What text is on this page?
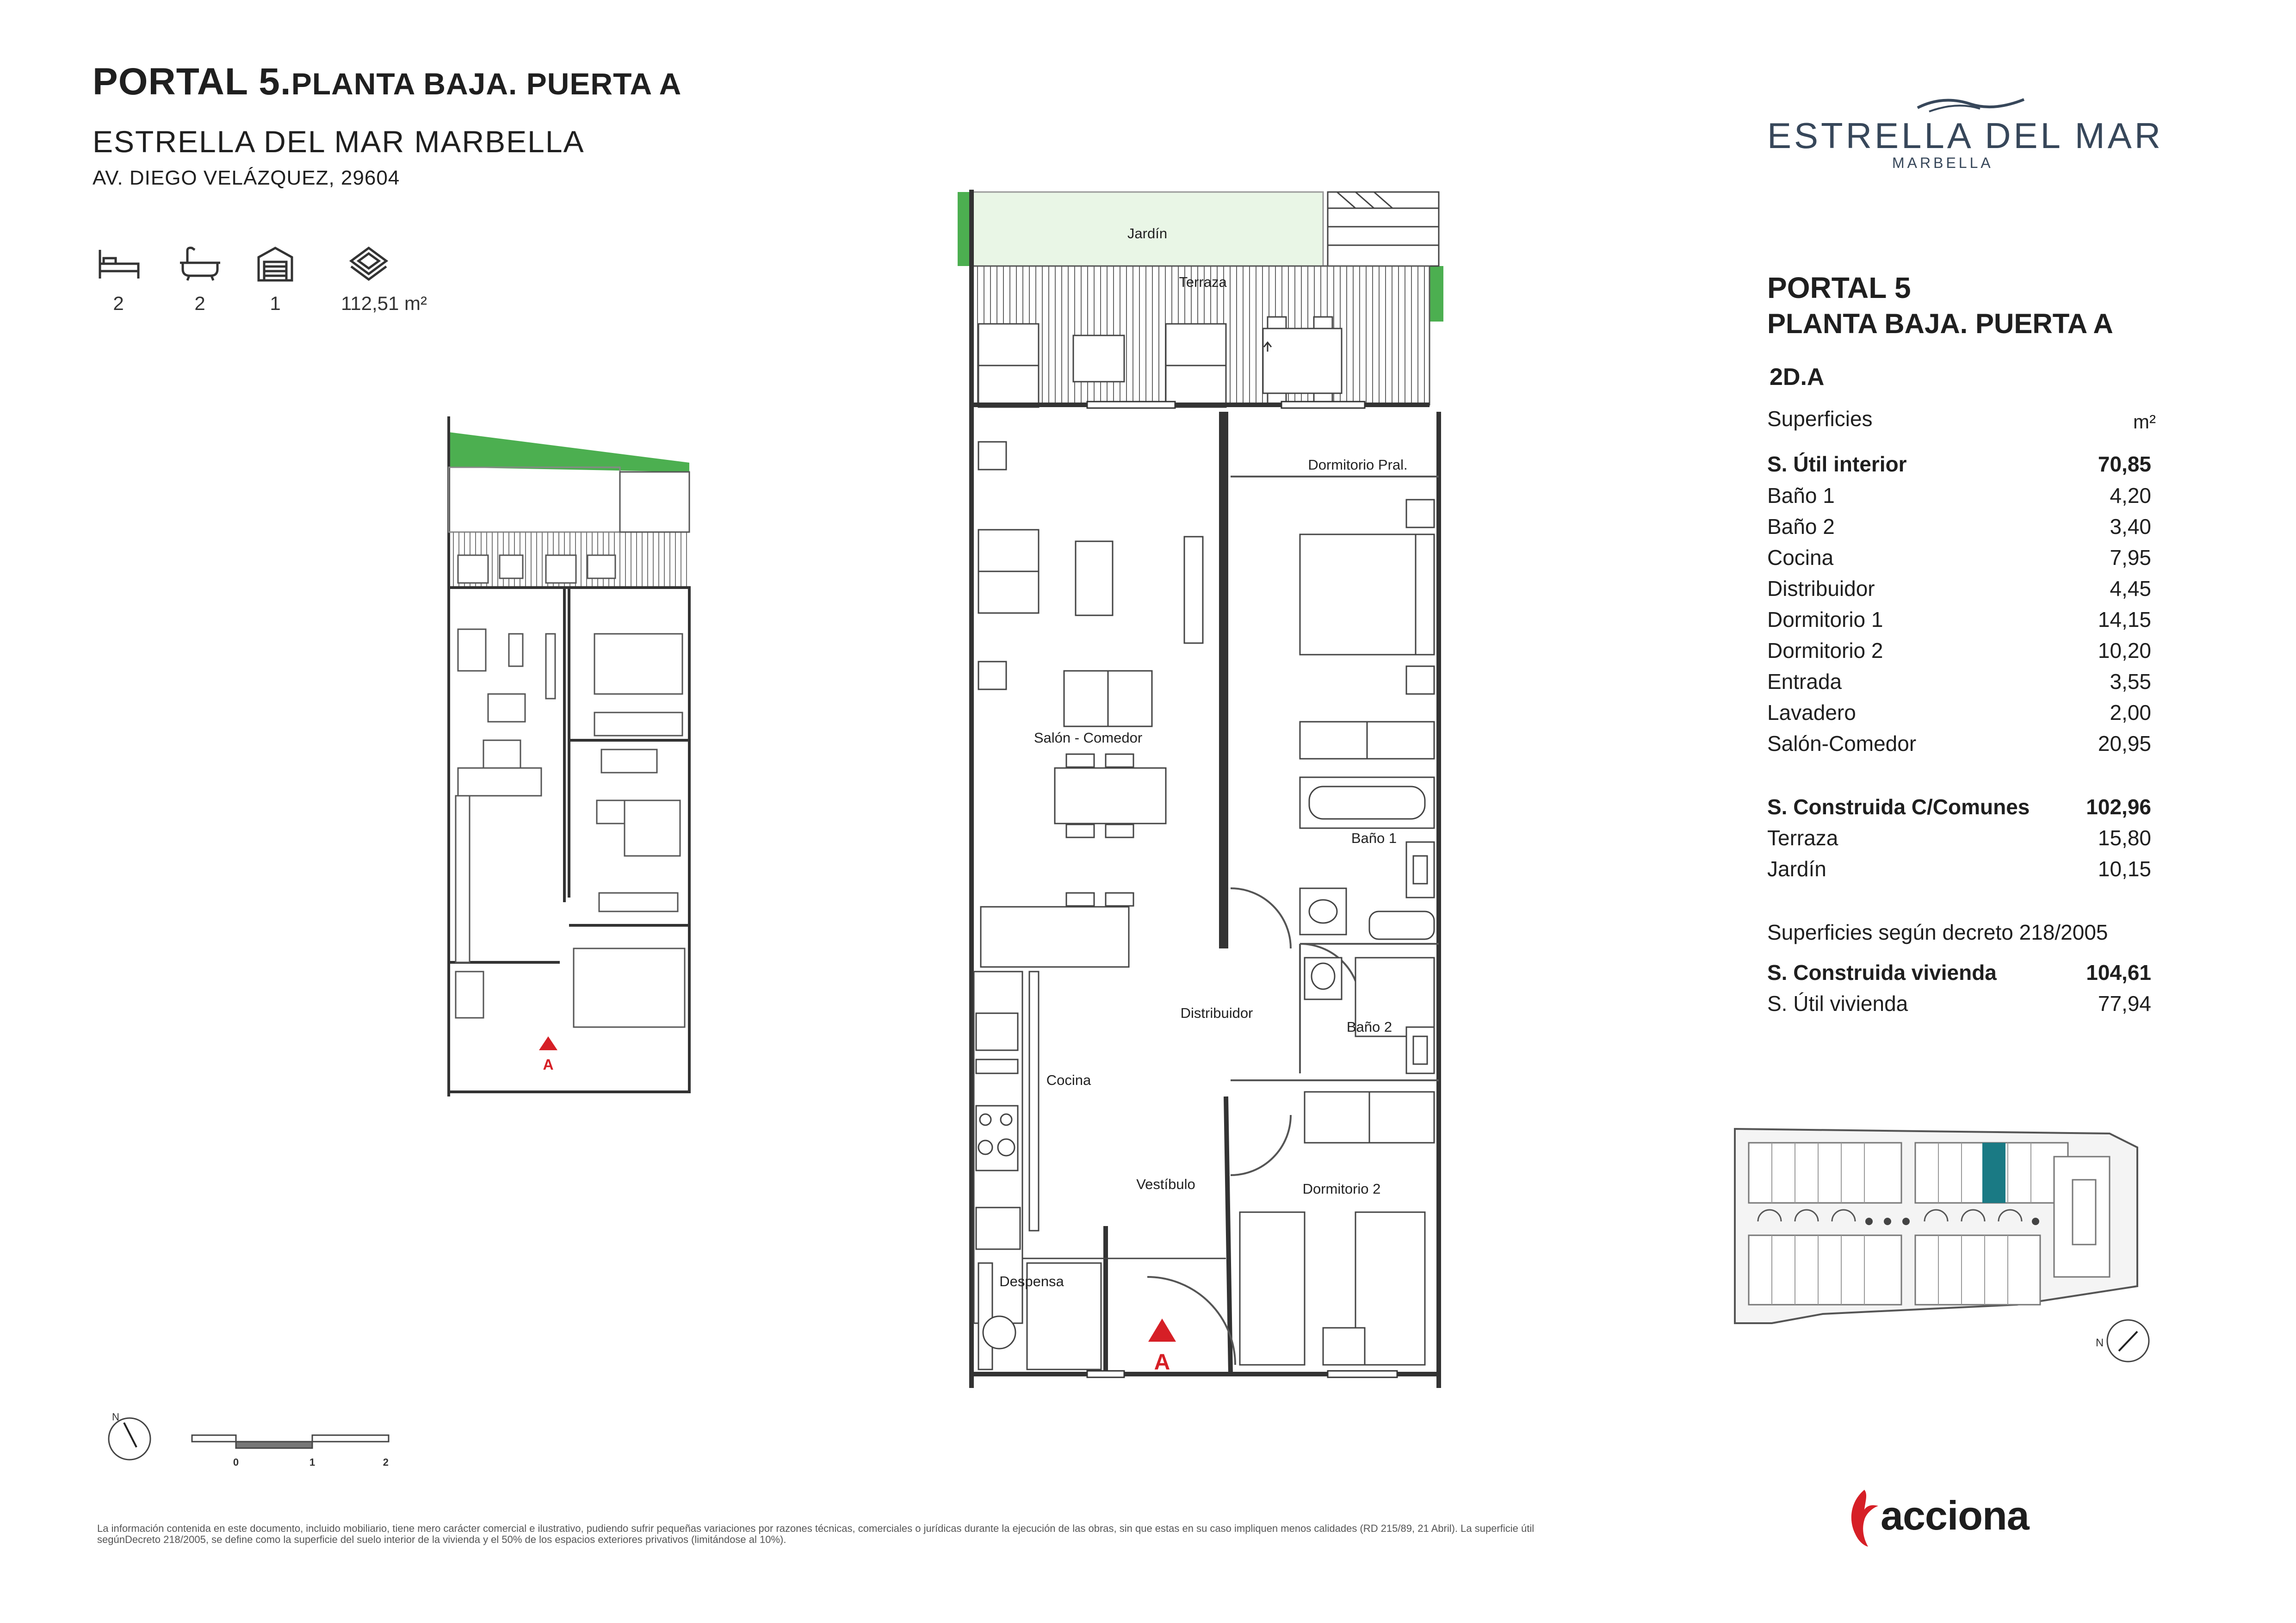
PORTAL 5.PLANTA BAJA. PUERTA A
ESTRELLA DEL MAR MARBELLA
AV. DIEGO VELÁZQUEZ, 29604
2	2	1	112,51 m²
A
Jardín
Terraza
Dormitorio Pral.
Salón - Comedor
Baño 1
Baño 2
Distribuidor
Cocina
Vestíbulo	Dormitorio 2
Despensa
A
N
0	1	2
ESTRELLA DEL MAR
MARBELLA
PORTAL 5
PLANTA BAJA. PUERTA A
2D.A
Superficies	m²
S. Útil interior	70,85
Baño 1	4,20
Baño 2	3,40
Cocina	7,95
Distribuidor	4,45
Dormitorio 1	14,15
Dormitorio 2	10,20
Entrada	3,55
Lavadero	2,00
Salón-Comedor	20,95
S. Construida C/Comunes	102,96
Terraza	15,80
Jardín	10,15
Superficies según decreto 218/2005
S. Construida vivienda	104,61
S. Útil vivienda	77,94
N
La información contenida en este documento, incluido mobiliario, tiene mero carácter comercial e ilustrativo, pudiendo sufrir pequeñas variaciones por razones técnicas, comerciales o jurídicas durante la ejecución de las obras, sin que estas en su caso impliquen menos calidades (RD 215/89, 21 Abril). La superficie útil segúnDecreto 218/2005, se define como la superficie del suelo interior de la vivienda y el 50% de los espacios exteriores privativos (limitándose al 10%).
acciona
